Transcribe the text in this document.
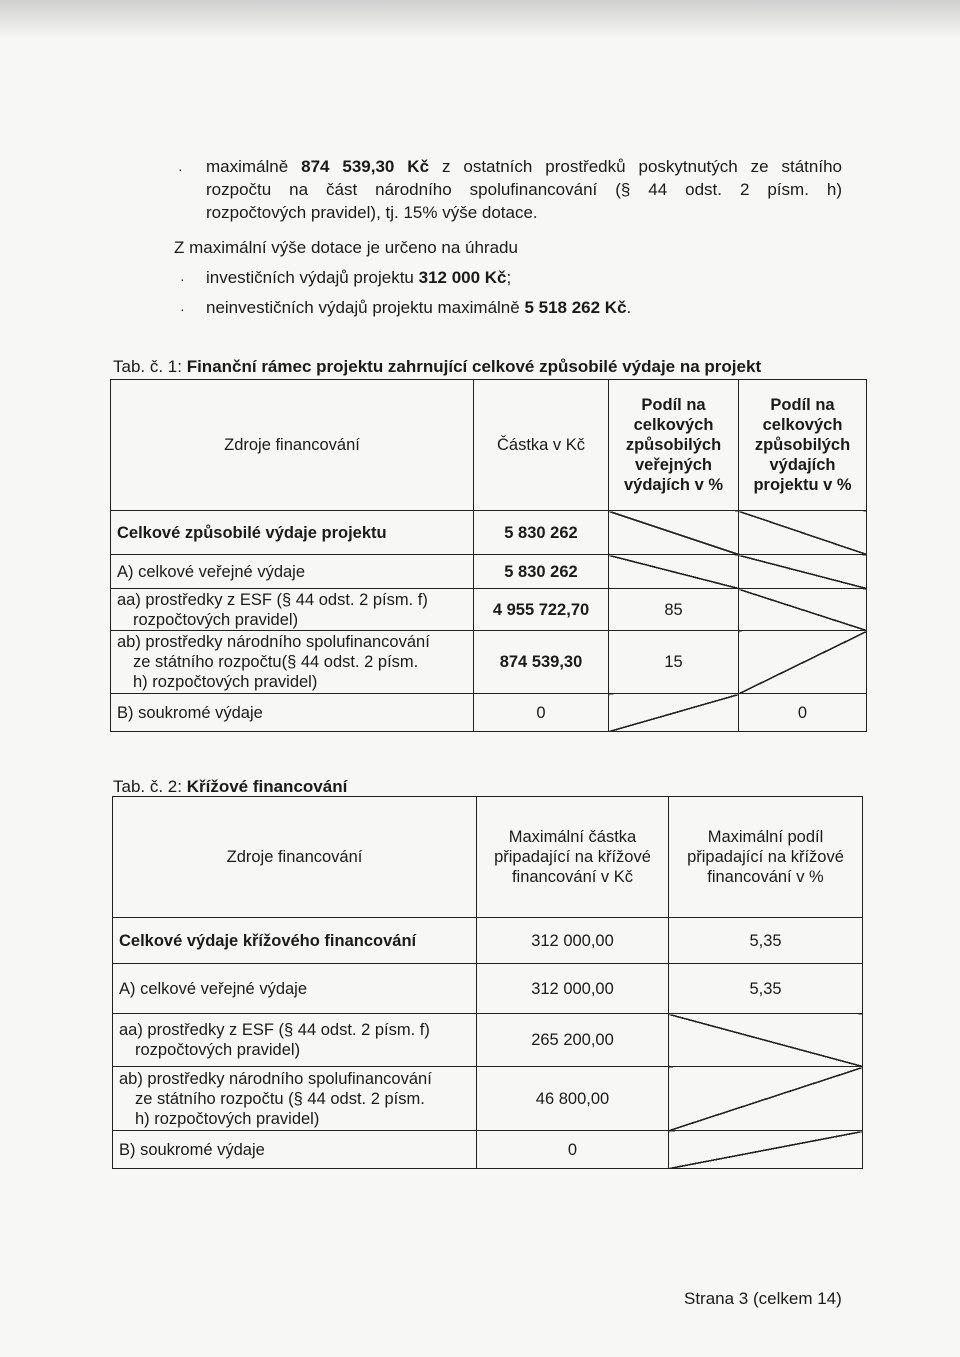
· maximálně 874 539,30 Kč z ostatních prostředků poskytnutých ze státního
rozpočtu na část národního spolufinancování (§ 44 odst. 2 písm. h)
rozpočtových pravidel), tj. 15% výše dotace.
Z maximální výše dotace je určeno na úhradu
· investičních výdajů projektu 312 000 Kč;
· neinvestičních výdajů projektu maximálně 5 518 262 Kč.
Tab. č. 1: Finanční rámec projektu zahrnující celkové způsobilé výdaje na projekt
Zdroje financování	Částka v Kč	Podíl na celkových způsobilých veřejných výdajích v %	Podíl na celkových způsobilých výdajích projektu v %
Celkové způsobilé výdaje projektu	5 830 262		
A) celkové veřejné výdaje	5 830 262		
aa) prostředky z ESF (§ 44 odst. 2 písm. f)
rozpočtových pravidel)	4 955 722,70	85	
ab) prostředky národního spolufinancování
ze státního rozpočtu(§ 44 odst. 2 písm.
h) rozpočtových pravidel)	874 539,30	15	
B) soukromé výdaje	0		0
Tab. č. 2: Křížové financování
Zdroje financování	Maximální částka připadající na křížové financování v Kč	Maximální podíl připadající na křížové financování v %
Celkové výdaje křížového financování	312 000,00	5,35
A) celkové veřejné výdaje	312 000,00	5,35
aa) prostředky z ESF (§ 44 odst. 2 písm. f)
rozpočtových pravidel)	265 200,00	
ab) prostředky národního spolufinancování
ze státního rozpočtu (§ 44 odst. 2 písm.
h) rozpočtových pravidel)	46 800,00	
B) soukromé výdaje	0	
Strana 3 (celkem 14)
